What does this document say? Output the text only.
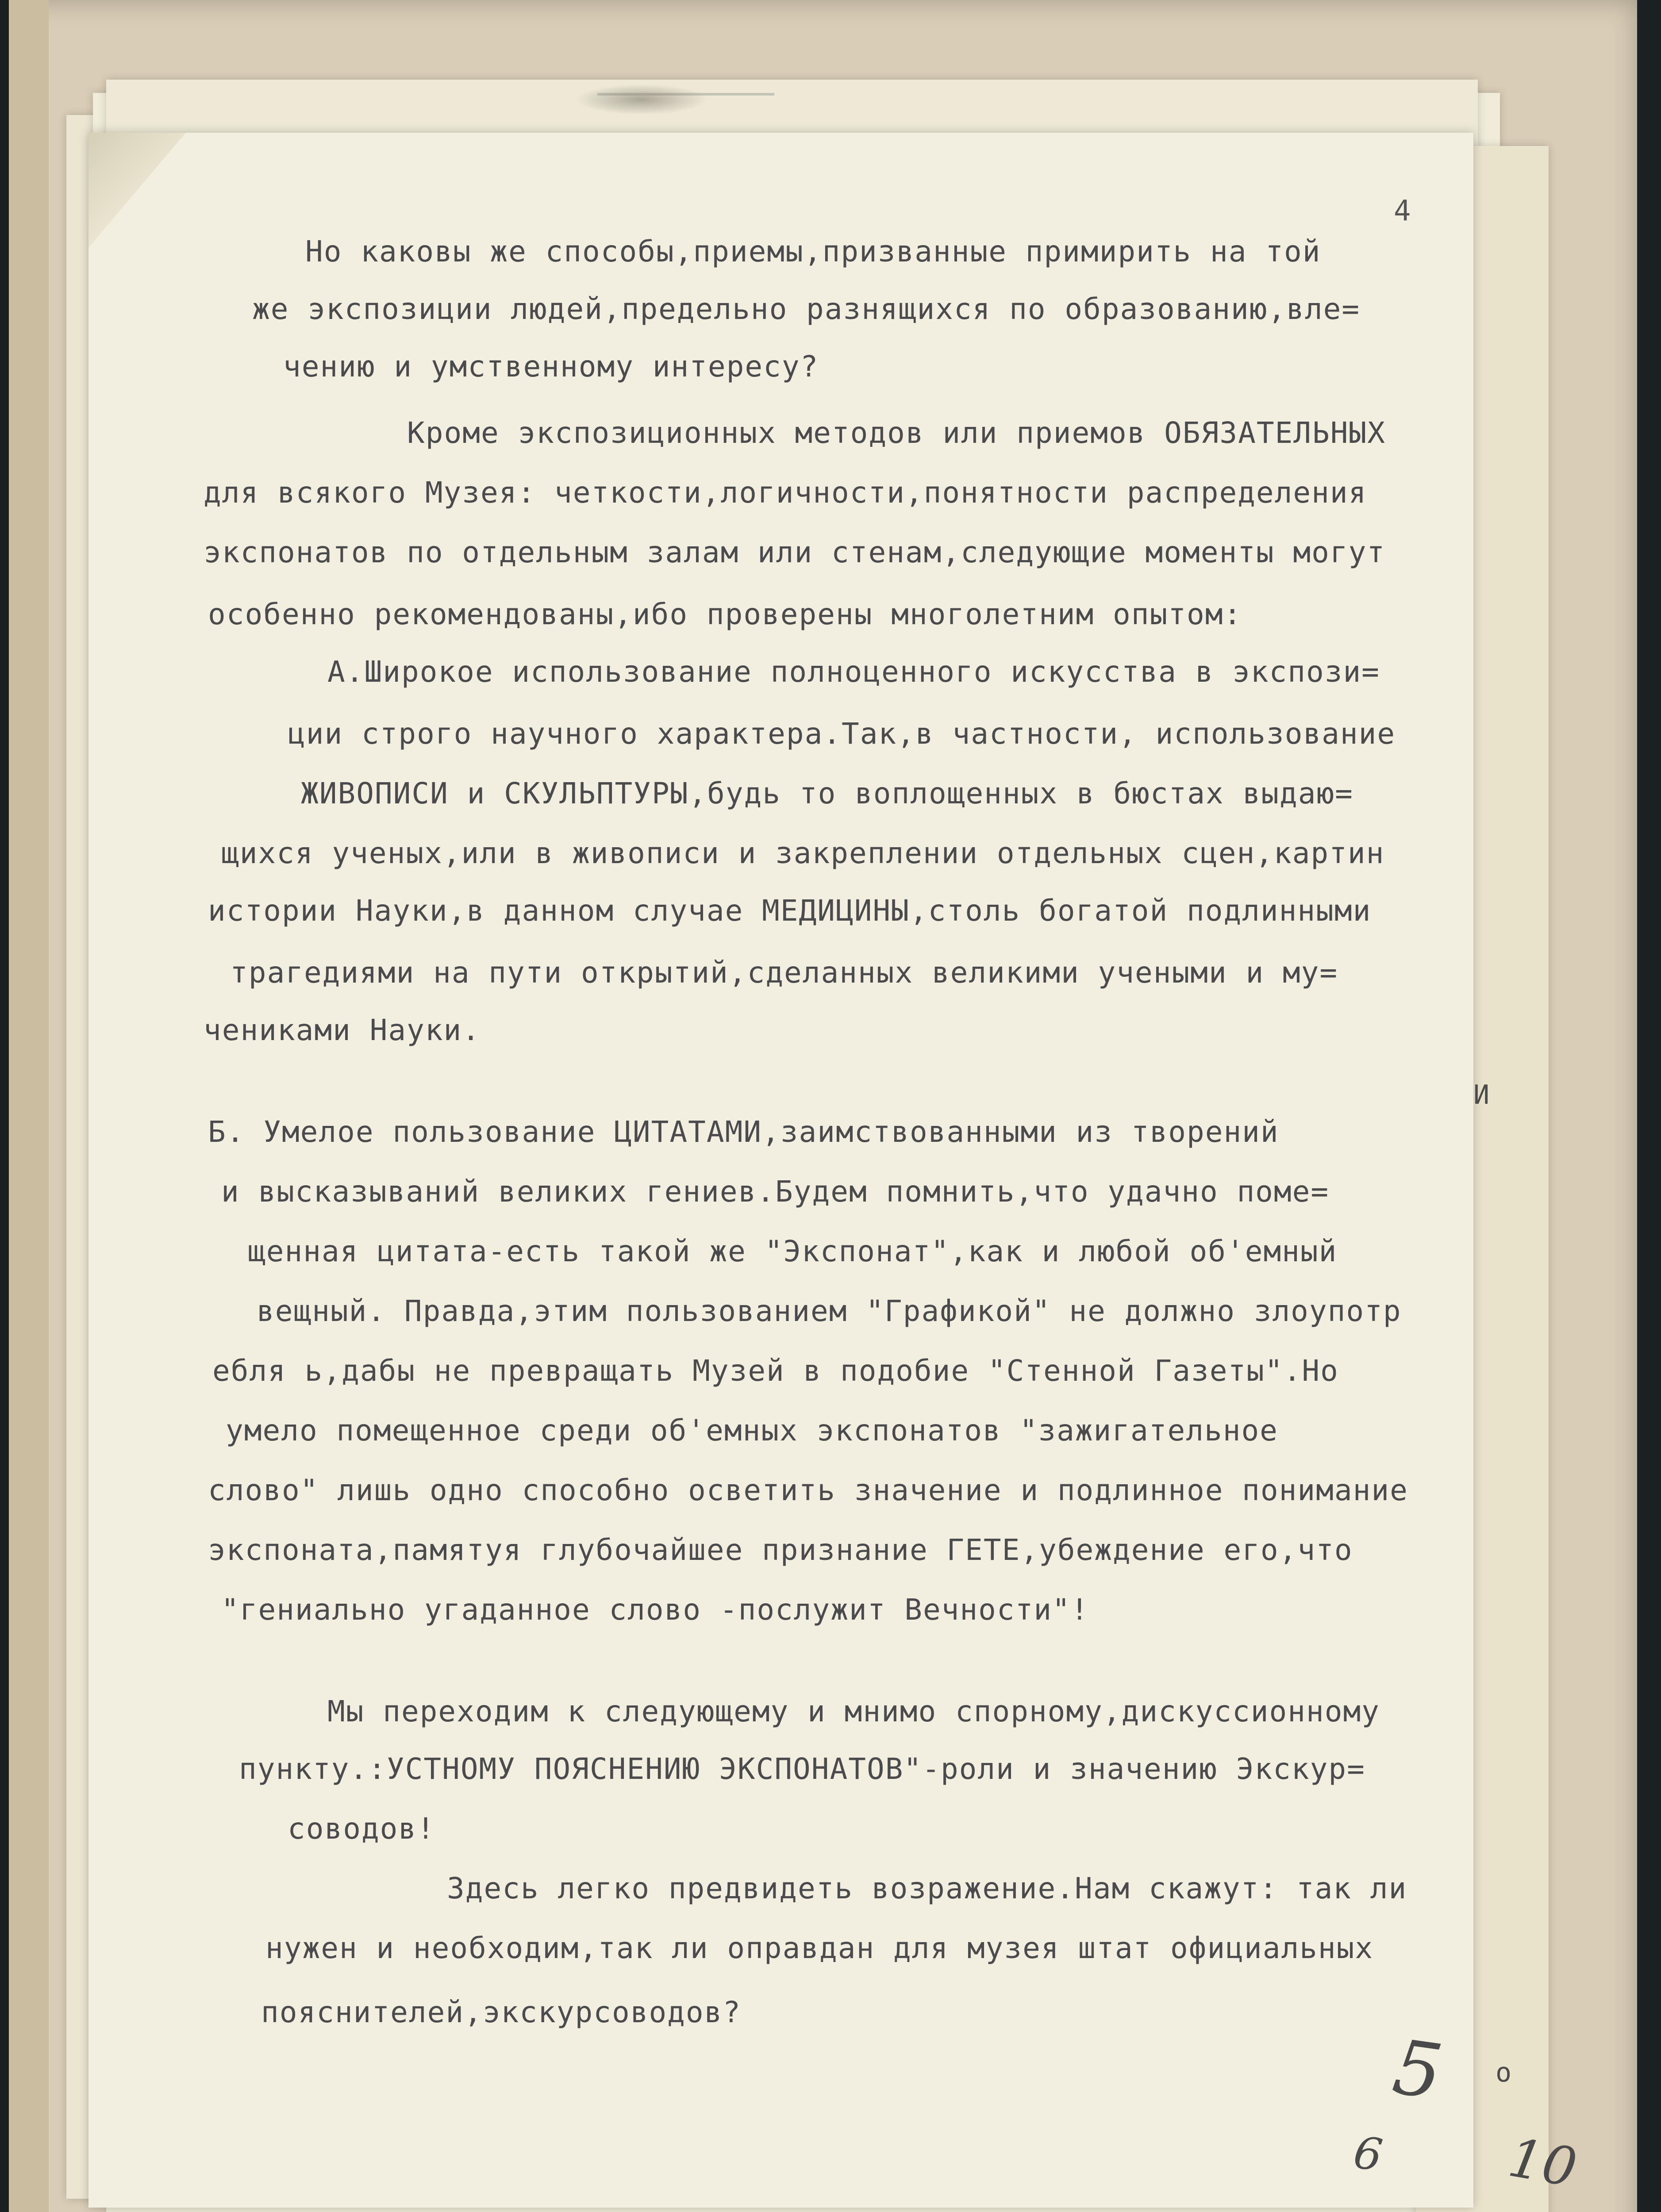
4
Но каковы же способы,приемы,призванные примирить на той
же экспозиции людей,предельно разнящихся по образованию,вле=
чению и умственному интересу?
Кроме экспозиционных методов или приемов ОБЯЗАТЕЛЬНЫХ
для всякого Музея: четкости,логичности,понятности распределения
экспонатов по отдельным залам или стенам,следующие моменты могут
особенно рекомендованы,ибо проверены многолетним опытом:
А.Широкое использование полноценного искусства в экспози=
ции строго научного характера.Так,в частности, использование
ЖИВОПИСИ и СКУЛЬПТУРЫ,будь то воплощенных в бюстах выдаю=
щихся ученых,или в живописи и закреплении отдельных сцен,картин
истории Науки,в данном случае МЕДИЦИНЫ,столь богатой подлинными
трагедиями на пути открытий,сделанных великими учеными и му=
чениками Науки.
Б. Умелое пользование ЦИТАТАМИ,заимствованными из творений
и высказываний великих гениев.Будем помнить,что удачно поме=
щенная цитата-есть такой же "Экспонат",как и любой об'емный
вещный. Правда,этим пользованием "Графикой" не должно злоупотр
ебля ь,дабы не превращать Музей в подобие "Стенной Газеты".Но
умело помещенное среди об'емных экспонатов "зажигательное
слово" лишь одно способно осветить значение и подлинное понимание
экспоната,памятуя глубочайшее признание ГЕТЕ,убеждение его,что
"гениально угаданное слово -послужит Вечности"!
Мы переходим к следующему и мнимо спорному,дискуссионному
пункту.:УСТНОМУ ПОЯСНЕНИЮ ЭКСПОНАТОВ"-роли и значению Экскур=
соводов!
Здесь легко предвидеть возражение.Нам скажут: так ли
нужен и необходим,так ли оправдан для музея штат официальных
пояснителей,экскурсоводов?
И
о
5
10
6
